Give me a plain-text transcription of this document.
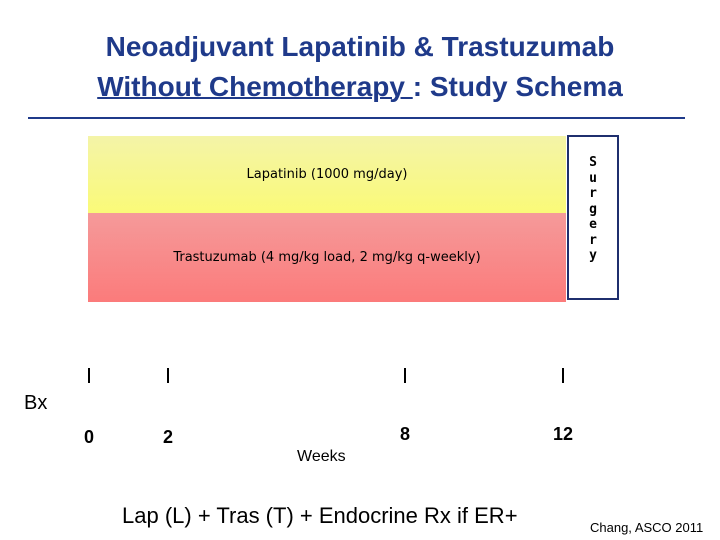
Neoadjuvant Lapatinib & Trastuzumab
Without Chemotherapy : Study Schema
Lapatinib (1000 mg/day)
Trastuzumab (4 mg/kg load, 2 mg/kg q-weekly)
S
u
r
g
e
r
y
0	2	8	12
Bx
Weeks
Lap (L) + Tras (T) + Endocrine Rx if ER+	Chang, ASCO 2011
